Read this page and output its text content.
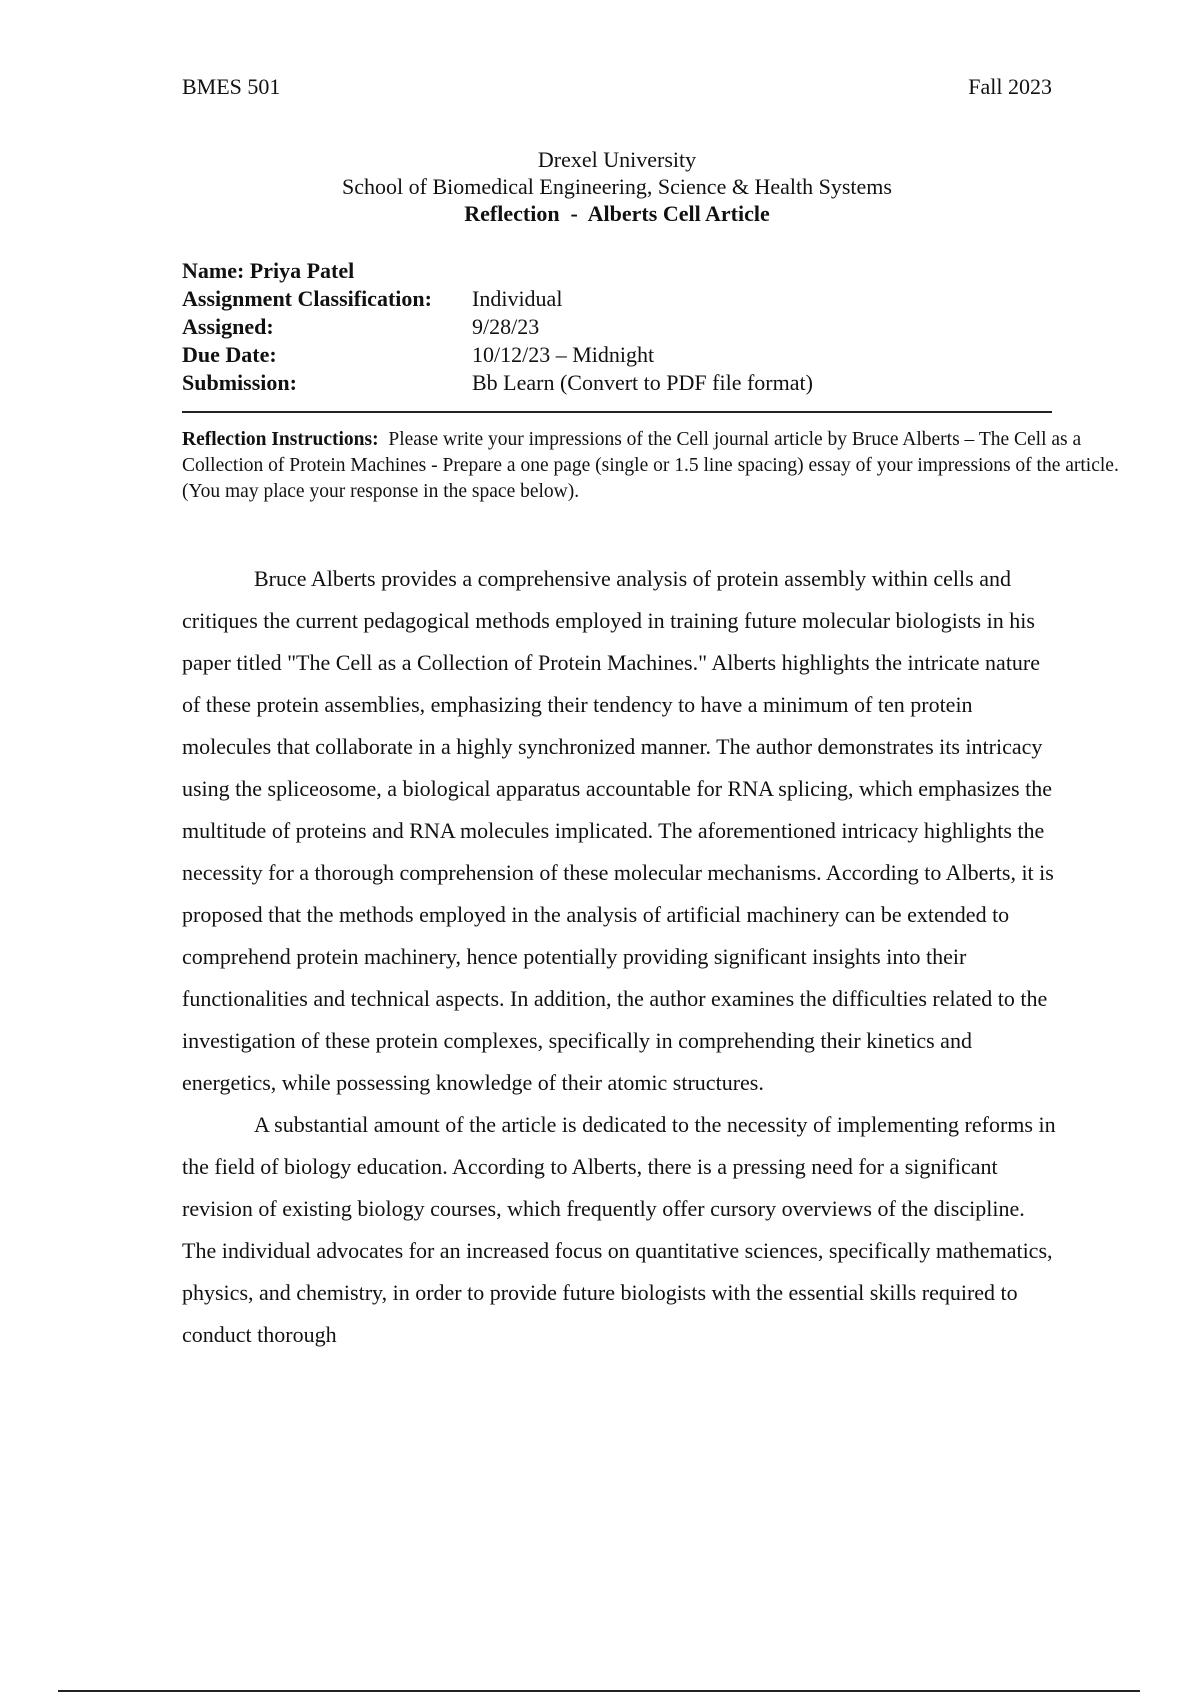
BMES 501	Fall 2023
Drexel University
School of Biomedical Engineering, Science & Health Systems
Reflection  -  Alberts Cell Article
Name: Priya Patel
Assignment Classification:	Individual
Assigned:	9/28/23
Due Date:	10/12/23 – Midnight
Submission:	Bb Learn (Convert to PDF file format)
Reflection Instructions: Please write your impressions of the Cell journal article by Bruce Alberts – The Cell as a Collection of Protein Machines - Prepare a one page (single or 1.5 line spacing) essay of your impressions of the article. (You may place your response in the space below).

Bruce Alberts provides a comprehensive analysis of protein assembly within cells and critiques the current pedagogical methods employed in training future molecular biologists in his paper titled "The Cell as a Collection of Protein Machines." Alberts highlights the intricate nature of these protein assemblies, emphasizing their tendency to have a minimum of ten protein molecules that collaborate in a highly synchronized manner. The author demonstrates its intricacy using the spliceosome, a biological apparatus accountable for RNA splicing, which emphasizes the multitude of proteins and RNA molecules implicated. The aforementioned intricacy highlights the necessity for a thorough comprehension of these molecular mechanisms. According to Alberts, it is proposed that the methods employed in the analysis of artificial machinery can be extended to comprehend protein machinery, hence potentially providing significant insights into their functionalities and technical aspects. In addition, the author examines the difficulties related to the investigation of these protein complexes, specifically in comprehending their kinetics and energetics, while possessing knowledge of their atomic structures.

A substantial amount of the article is dedicated to the necessity of implementing reforms in the field of biology education. According to Alberts, there is a pressing need for a significant revision of existing biology courses, which frequently offer cursory overviews of the discipline. The individual advocates for an increased focus on quantitative sciences, specifically mathematics, physics, and chemistry, in order to provide future biologists with the essential skills required to conduct thorough
